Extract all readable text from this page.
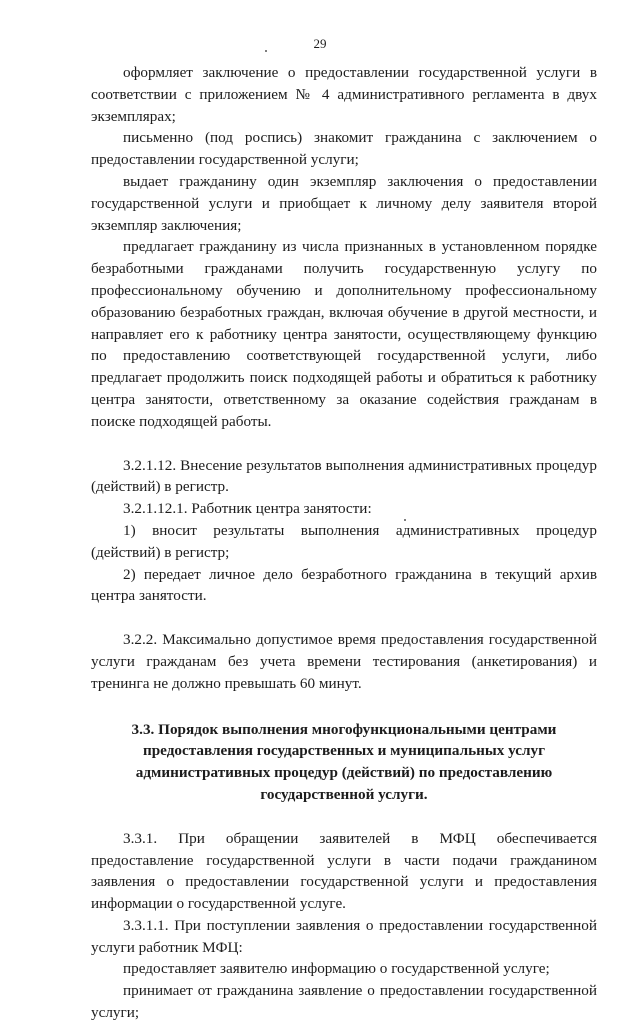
29

оформляет заключение о предоставлении государственной услуги в соответствии с приложением № 4 административного регламента в двух экземплярах;

письменно (под роспись) знакомит гражданина с заключением о предоставлении государственной услуги;

выдает гражданину один экземпляр заключения о предоставлении государственной услуги и приобщает к личному делу заявителя второй экземпляр заключения;

предлагает гражданину из числа признанных в установленном порядке безработными гражданами получить государственную услугу по профессиональному обучению и дополнительному профессиональному образованию безработных граждан, включая обучение в другой местности, и направляет его к работнику центра занятости, осуществляющему функцию по предоставлению соответствующей государственной услуги, либо предлагает продолжить поиск подходящей работы и обратиться к работнику центра занятости, ответственному за оказание содействия гражданам в поиске подходящей работы.

3.2.1.12. Внесение результатов выполнения административных процедур (действий) в регистр.

3.2.1.12.1. Работник центра занятости:

1) вносит результаты выполнения административных процедур (действий) в регистр;

2) передает личное дело безработного гражданина в текущий архив центра занятости.

3.2.2. Максимально допустимое время предоставления государственной услуги гражданам без учета времени тестирования (анкетирования) и тренинга не должно превышать 60 минут.

3.3. Порядок выполнения многофункциональными центрами предоставления государственных и муниципальных услуг административных процедур (действий) по предоставлению государственной услуги.

3.3.1. При обращении заявителей в МФЦ обеспечивается предоставление государственной услуги в части подачи гражданином заявления о предоставлении государственной услуги и предоставления информации о государственной услуге.

3.3.1.1. При поступлении заявления о предоставлении государственной услуги работник МФЦ:

предоставляет заявителю информацию о государственной услуге;

принимает от гражданина заявление о предоставлении государственной услуги;
